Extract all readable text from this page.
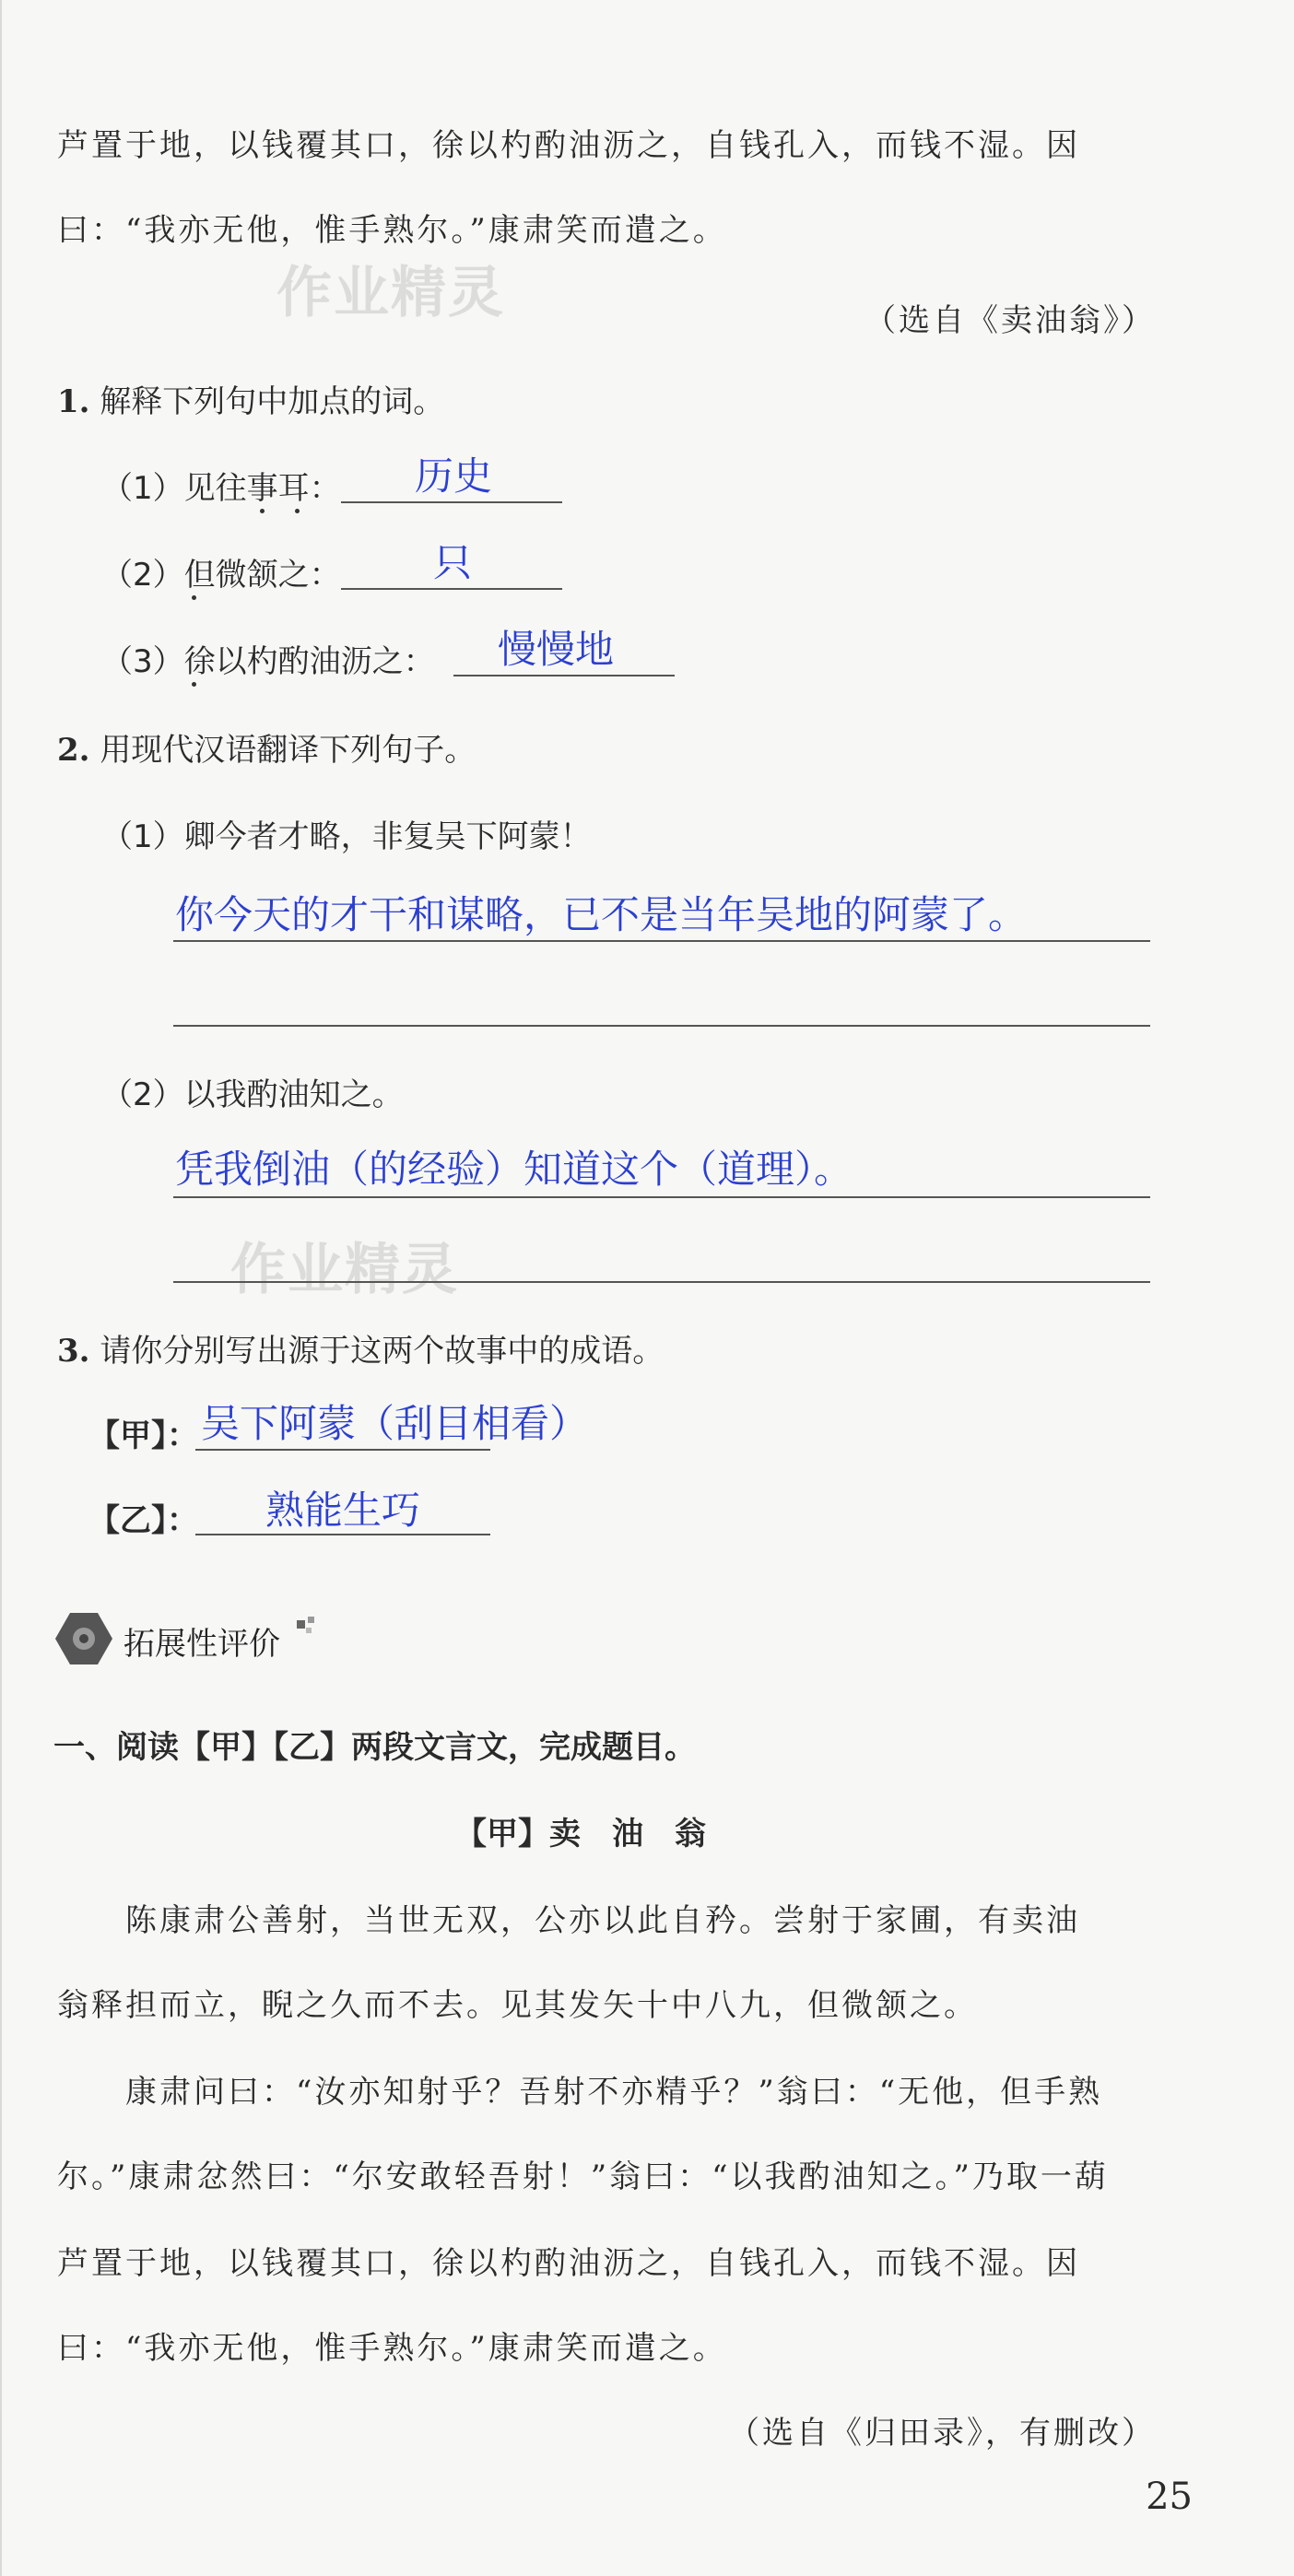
芦置于地，以钱覆其口，徐以杓酌油沥之，自钱孔入，而钱不湿。因
曰：“我亦无他，惟手熟尔。”康肃笑而遣之。
作业精灵	（选自《卖油翁》）
1. 解释下列句中加点的词。
（1）见往事耳： 历史
（2）但微颔之： 只
（3）徐以杓酌油沥之： 慢慢地
2. 用现代汉语翻译下列句子。
（1）卿今者才略，非复吴下阿蒙！
你今天的才干和谋略，已不是当年吴地的阿蒙了。
（2）以我酌油知之。
凭我倒油（的经验）知道这个（道理）。
作业精灵
3. 请你分别写出源于这两个故事中的成语。
【甲】： 吴下阿蒙（刮目相看）
【乙】： 熟能生巧
拓展性评价
一、阅读【甲】【乙】两段文言文，完成题目。
【甲】卖　油　翁
陈康肃公善射，当世无双，公亦以此自矜。尝射于家圃，有卖油
翁释担而立，睨之久而不去。见其发矢十中八九，但微颔之。
康肃问曰：“汝亦知射乎？吾射不亦精乎？”翁曰：“无他，但手熟
尔。”康肃忿然曰：“尔安敢轻吾射！”翁曰：“以我酌油知之。”乃取一葫
芦置于地，以钱覆其口，徐以杓酌油沥之，自钱孔入，而钱不湿。因
曰：“我亦无他，惟手熟尔。”康肃笑而遣之。
（选自《归田录》，有删改）
25
